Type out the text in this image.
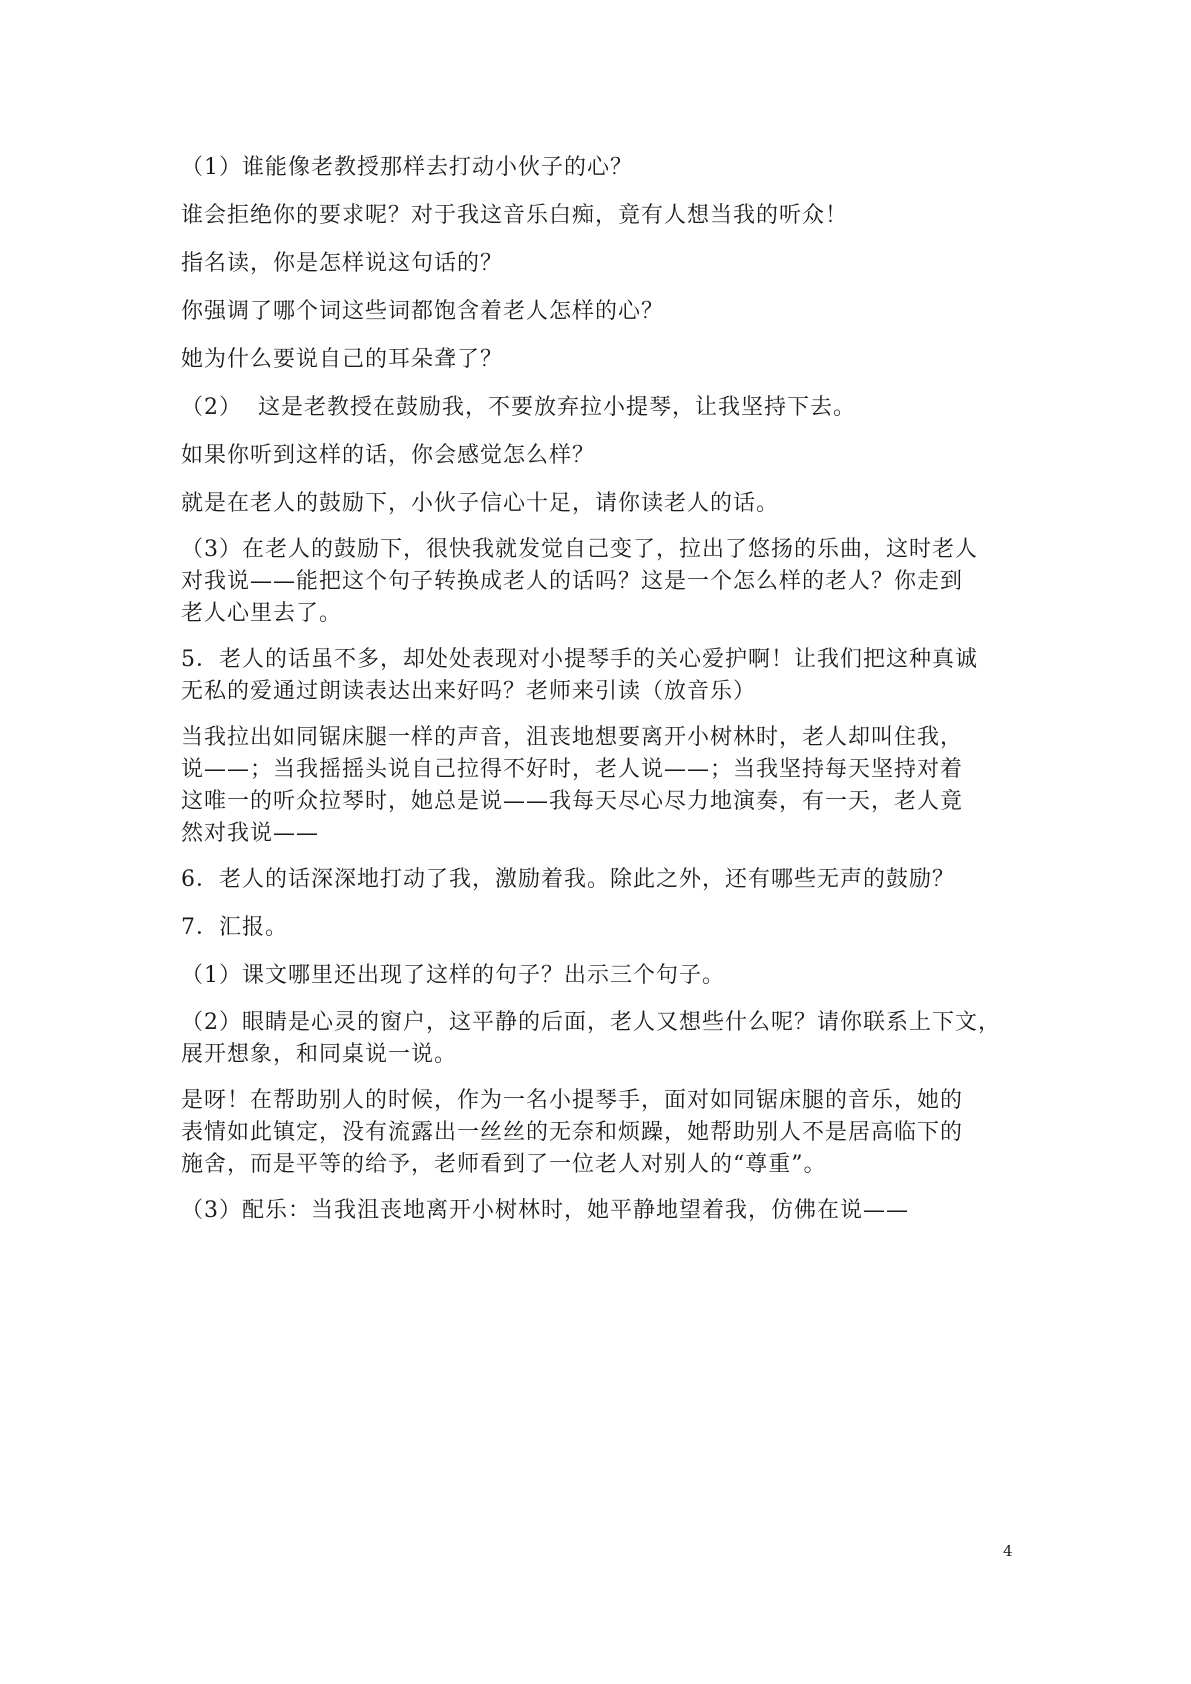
（1）谁能像老教授那样去打动小伙子的心？

谁会拒绝你的要求呢？对于我这音乐白痴，竟有人想当我的听众！

指名读，你是怎样说这句话的？

你强调了哪个词这些词都饱含着老人怎样的心？

她为什么要说自己的耳朵聋了？

（2）  这是老教授在鼓励我，不要放弃拉小提琴，让我坚持下去。

如果你听到这样的话，你会感觉怎么样？

就是在老人的鼓励下，小伙子信心十足，请你读老人的话。

（3）在老人的鼓励下，很快我就发觉自己变了，拉出了悠扬的乐曲，这时老人
对我说——能把这个句子转换成老人的话吗？这是一个怎么样的老人？你走到
老人心里去了。

5．老人的话虽不多，却处处表现对小提琴手的关心爱护啊！让我们把这种真诚
无私的爱通过朗读表达出来好吗？老师来引读（放音乐）

当我拉出如同锯床腿一样的声音，沮丧地想要离开小树林时，老人却叫住我，
说——；当我摇摇头说自己拉得不好时，老人说——；当我坚持每天坚持对着
这唯一的听众拉琴时，她总是说——我每天尽心尽力地演奏，有一天，老人竟
然对我说——

6．老人的话深深地打动了我，激励着我。除此之外，还有哪些无声的鼓励？

7．汇报。

（1）课文哪里还出现了这样的句子？出示三个句子。

（2）眼睛是心灵的窗户，这平静的后面，老人又想些什么呢？请你联系上下文，
展开想象，和同桌说一说。

是呀！在帮助别人的时候，作为一名小提琴手，面对如同锯床腿的音乐，她的
表情如此镇定，没有流露出一丝丝的无奈和烦躁，她帮助别人不是居高临下的
施舍，而是平等的给予，老师看到了一位老人对别人的“尊重”。

（3）配乐：当我沮丧地离开小树林时，她平静地望着我，仿佛在说——

4
